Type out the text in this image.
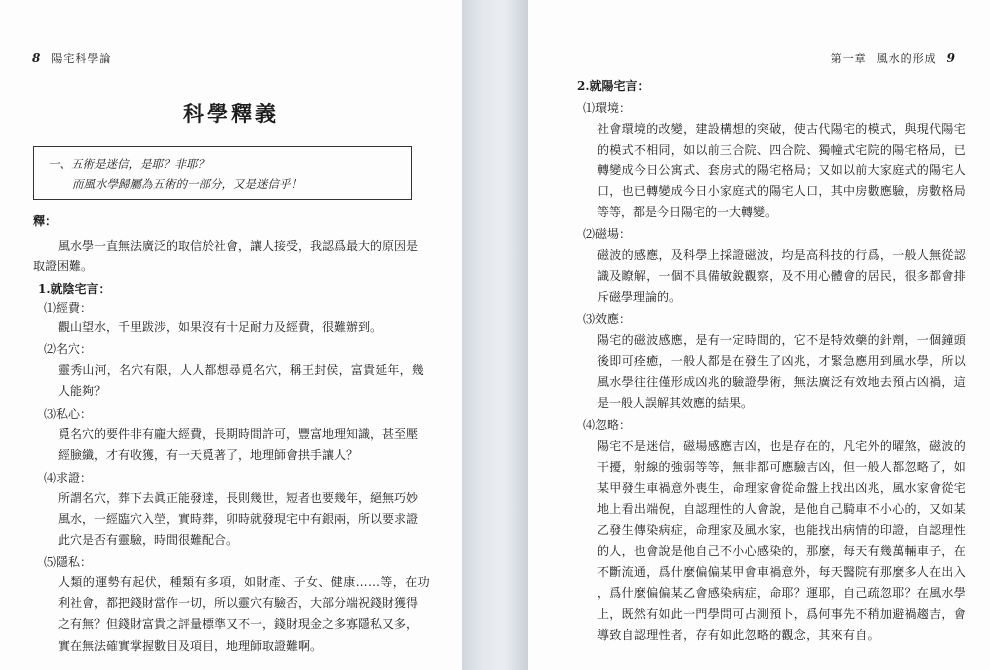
8 陽宅科學論
科學釋義
一、五術是迷信，是耶？非耶？
而風水學歸屬為五術的一部分，又是迷信乎！
釋：
風水學一直無法廣泛的取信於社會，讓人接受，我認爲最大的原因是
取證困難。
1.就陰宅言：
⑴經費：
觀山望水，千里跋涉，如果沒有十足耐力及經費，很難辦到。
⑵名穴：
靈秀山河，名穴有限，人人都想尋覓名穴，稱王封侯，富貴延年，幾
人能夠？
⑶私心：
覓名穴的要件非有龐大經費，長期時間許可，豐富地理知識，甚至壓
經臉纖，才有收獲，有一天覓著了，地理師會拱手讓人？
⑷求證：
所謂名穴，葬下去眞正能發達，長則幾世，短者也要幾年，絕無巧妙
風水，一經臨穴入塋，實時葬，卯時就發現宅中有銀兩，所以要求證
此穴是否有靈驗，時間很難配合。
⑸隱私：
人類的運勢有起伏，種類有多項，如財產、子女、健康……等，在功
利社會，都把錢財當作一切，所以靈穴有驗否，大部分端祝錢財獲得
之有無？但錢財富貴之評量標準又不一，錢財現金之多寡隱私又多，
實在無法確實掌握數目及項目，地理師取證難啊。
第一章 風水的形成 9
2.就陽宅言：
⑴環境：
社會環境的改變，建設構想的突破，使古代陽宅的模式，與現代陽宅
的模式不相同，如以前三合院、四合院、獨幢式宅院的陽宅格局，已
轉變成今日公寓式、套房式的陽宅格局；又如以前大家庭式的陽宅人
口，也已轉變成今日小家庭式的陽宅人口，其中房數應驗，房數格局
等等，都是今日陽宅的一大轉變。
⑵磁場：
磁波的感應，及科學上採證磁波，均是高科技的行爲，一般人無從認
識及瞭解，一個不具備敏銳觀察，及不用心體會的居民，很多都會排
斥磁學理論的。
⑶效應：
陽宅的磁波感應，是有一定時間的，它不是特效藥的針劑，一個鐘頭
後即可痊癒，一般人都是在發生了凶兆，才緊急應用到風水學，所以
風水學往往僅形成凶兆的驗證學術，無法廣泛有效地去預占凶禍，這
是一般人誤解其效應的結果。
⑷忽略：
陽宅不是迷信，磁場感應吉凶，也是存在的，凡宅外的曜煞，磁波的
干擾，射線的強弱等等，無非都可應驗吉凶，但一般人都忽略了，如
某甲發生車禍意外喪生，命理家會從命盤上找出凶兆，風水家會從宅
地上看出端倪，自認理性的人會說，是他自己騎車不小心的，又如某
乙發生傳染病症，命理家及風水家，也能找出病情的印證，自認理性
的人，也會說是他自己不小心感染的，那麼，每天有幾萬輛車子，在
不斷流通，爲什麼偏偏某甲會車禍意外，每天醫院有那麼多人在出入
，爲什麼偏偏某乙會感染病症，命耶？運耶，自己疏忽耶？在風水學
上，既然有如此一門學問可占測預卜，爲何事先不稍加避禍趨吉，會
導致自認理性者，存有如此忽略的觀念，其來有自。
